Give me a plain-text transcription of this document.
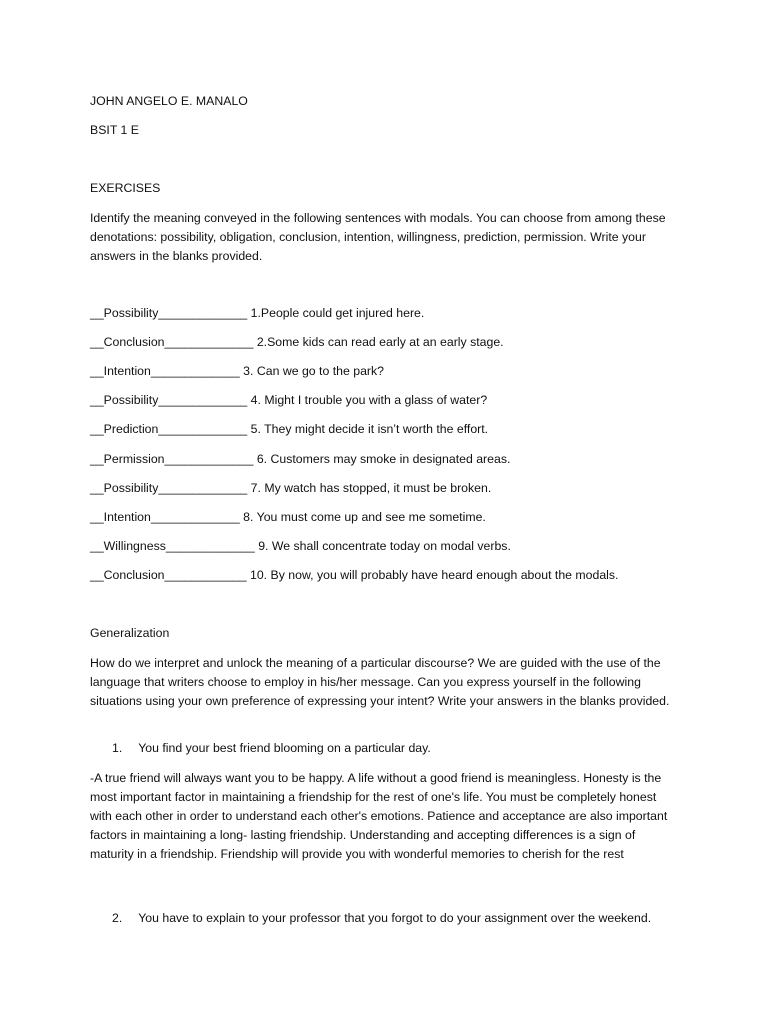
JOHN ANGELO E. MANALO
BSIT 1 E
EXERCISES
Identify the meaning conveyed in the following sentences with modals. You can choose from among these denotations: possibility, obligation, conclusion, intention, willingness, prediction, permission. Write your answers in the blanks provided.
__Possibility_____________ 1.People could get injured here.
__Conclusion_____________ 2.Some kids can read early at an early stage.
__Intention_____________ 3. Can we go to the park?
__Possibility_____________ 4. Might I trouble you with a glass of water?
__Prediction_____________ 5. They might decide it isn’t worth the effort.
__Permission_____________ 6. Customers may smoke in designated areas.
__Possibility_____________ 7. My watch has stopped, it must be broken.
__Intention_____________ 8. You must come up and see me sometime.
__Willingness_____________ 9. We shall concentrate today on modal verbs.
__Conclusion____________ 10. By now, you will probably have heard enough about the modals.
Generalization
How do we interpret and unlock the meaning of a particular discourse? We are guided with the use of the language that writers choose to employ in his/her message. Can you express yourself in the following situations using your own preference of expressing your intent? Write your answers in the blanks provided.
1. You find your best friend blooming on a particular day.
-A true friend will always want you to be happy. A life without a good friend is meaningless. Honesty is the most important factor in maintaining a friendship for the rest of one's life. You must be completely honest with each other in order to understand each other's emotions. Patience and acceptance are also important factors in maintaining a long- lasting friendship. Understanding and accepting differences is a sign of maturity in a friendship. Friendship will provide you with wonderful memories to cherish for the rest
2. You have to explain to your professor that you forgot to do your assignment over the weekend.
